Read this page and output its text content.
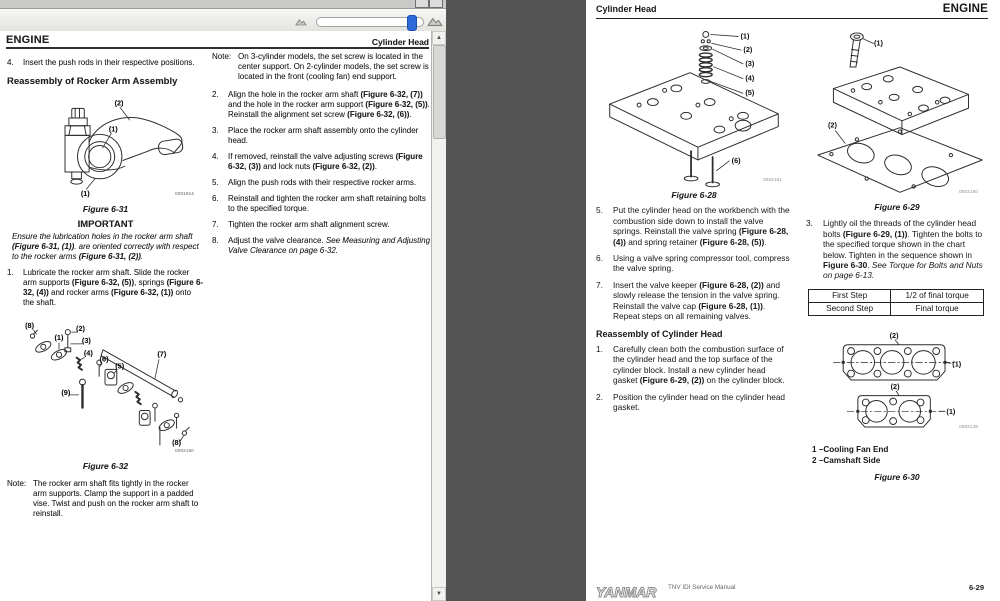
ENGINE	Cylinder Head
4.	Insert the push rods in their respective positions.
Reassembly of Rocker Arm Assembly
(2)
(1)
(1)	0001914
Figure 6-31
IMPORTANT
Ensure the lubrication holes in the rocker arm shaft (Figure 6-31, (1)). are oriented correctly with respect to the rocker arms (Figure 6-31, (2)).
1.	Lubricate the rocker arm shaft. Slide the rocker arm supports (Figure 6-32, (5)), springs (Figure 6-32, (4)) and rocker arms (Figure 6-32, (1)) onto the shaft.
(8)	(2)
(1) (3)
(4)
(6)
(5)
(7)
(9)
(8)
0002160
Figure 6-32
Note: The rocker arm shaft fits tightly in the rocker arm supports. Clamp the support in a padded vise. Twist and push on the rocker arm shaft to reinstall.
Note: On 3-cylinder models, the set screw is located in the center support. On 2-cylinder models, the set screw is located in the front (cooling fan) end support.
2.	Align the hole in the rocker arm shaft (Figure 6-32, (7)) and the hole in the rocker arm support (Figure 6-32, (5)). Reinstall the alignment set screw (Figure 6-32, (6)).
3.	Place the rocker arm shaft assembly onto the cylinder head.
4.	If removed, reinstall the valve adjusting screws (Figure 6-32, (3)) and lock nuts (Figure 6-32, (2)).
5.	Align the push rods with their respective rocker arms.
6.	Reinstall and tighten the rocker arm shaft retaining bolts to the specified torque.
7.	Tighten the rocker arm shaft alignment screw.
8.	Adjust the valve clearance. See Measuring and Adjusting Valve Clearance on page 6-32.
▲
▼
Cylinder Head	ENGINE
(1)
(2)
(3)
(4)
(5)
(6)
0002151
Figure 6-28
5.	Put the cylinder head on the workbench with the combustion side down to install the valve springs. Reinstall the valve spring (Figure 6-28, (4)) and spring retainer (Figure 6-28, (5)).
6.	Using a valve spring compressor tool, compress the valve spring.
7.	Insert the valve keeper (Figure 6-28, (2)) and slowly release the tension in the valve spring. Reinstall the valve cap (Figure 6-28, (1)). Repeat steps on all remaining valves.
Reassembly of Cylinder Head
1.	Carefully clean both the combustion surface of the cylinder head and the top surface of the cylinder block. Install a new cylinder head gasket (Figure 6-29, (2)) on the cylinder block.
2.	Position the cylinder head on the cylinder head gasket.
(1)
(2)
0002150
Figure 6-29
3.	Lightly oil the threads of the cylinder head bolts (Figure 6-29, (1)). Tighten the bolts to the specified torque shown in the chart below. Tighten in the sequence shown in Figure 6-30. See Torque for Bolts and Nuts on page 6-13.
First Step	1/2 of final torque
Second Step	Final torque
(2)
(1)
(2)
(1)
0002149
1 –Cooling Fan End
2 –Camshaft Side
Figure 6-30
YANMAR TNV IDI Service Manual	6-29
